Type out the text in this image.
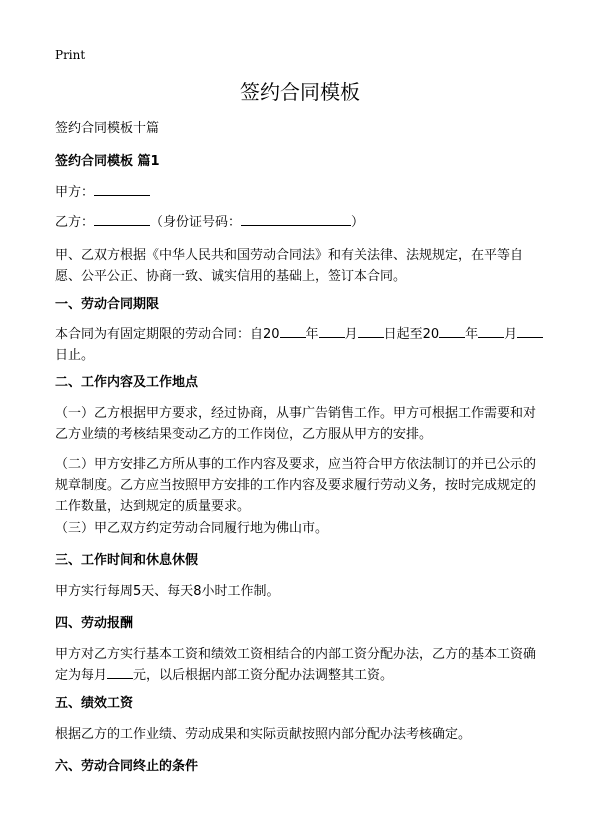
Print
签约合同模板
签约合同模板十篇
签约合同模板 篇1
甲方：
乙方：	（身份证号码：	）
甲、乙双方根据《中华人民共和国劳动合同法》和有关法律、法规规定，在平等自愿、公平公正、协商一致、诚实信用的基础上，签订本合同。
一、劳动合同期限
本合同为有固定期限的劳动合同：自20 年 月 日起至20 年 月日止。
二、工作内容及工作地点
（一）乙方根据甲方要求，经过协商，从事广告销售工作。甲方可根据工作需要和对乙方业绩的考核结果变动乙方的工作岗位，乙方服从甲方的安排。
（二）甲方安排乙方所从事的工作内容及要求，应当符合甲方依法制订的并已公示的规章制度。乙方应当按照甲方安排的工作内容及要求履行劳动义务，按时完成规定的工作数量，达到规定的质量要求。
（三）甲乙双方约定劳动合同履行地为佛山市。
三、工作时间和休息休假
甲方实行每周5天、每天8小时工作制。
四、劳动报酬
甲方对乙方实行基本工资和绩效工资相结合的内部工资分配办法，乙方的基本工资确定为每月 元，以后根据内部工资分配办法调整其工资。
五、绩效工资
根据乙方的工作业绩、劳动成果和实际贡献按照内部分配办法考核确定。
六、劳动合同终止的条件
